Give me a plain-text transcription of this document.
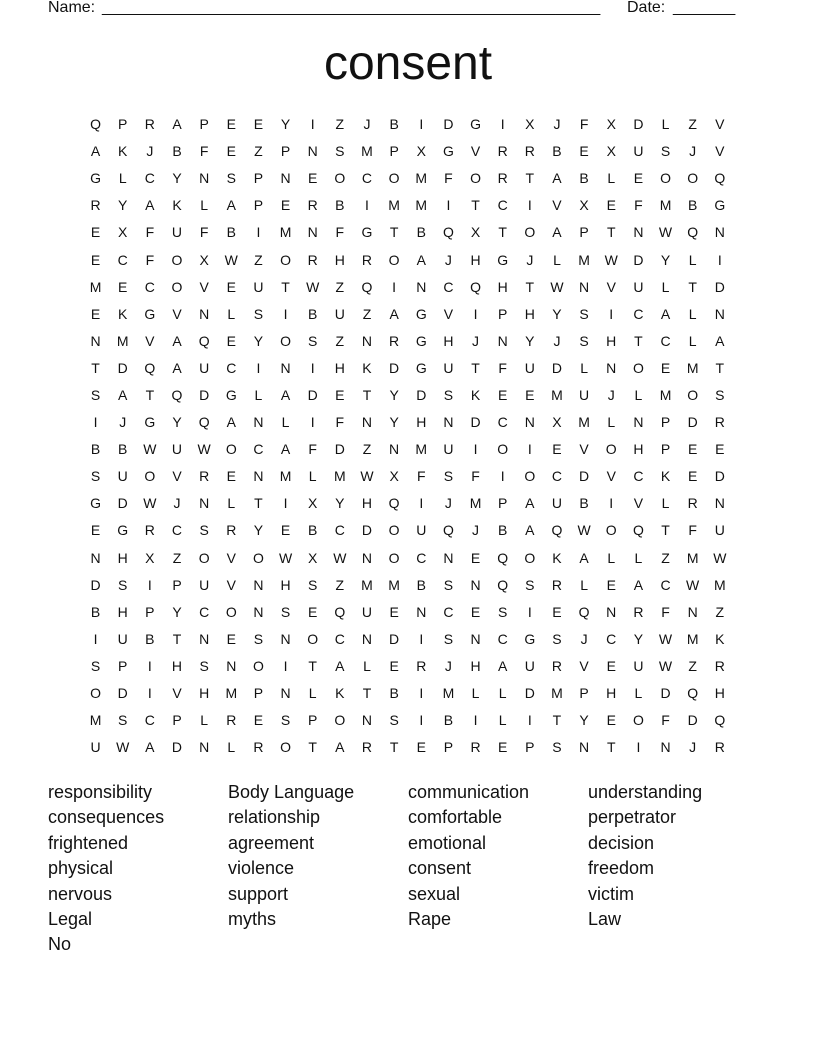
Name: ________________________________________________________	Date: _______
consent
Q	P	R	A	P	E	E	Y	I	Z	J	B	I	D	G	I	X	J	F	X	D	L	Z	V
A	K	J	B	F	E	Z	P	N	S	M	P	X	G	V	R	R	B	E	X	U	S	J	V
G	L	C	Y	N	S	P	N	E	O	C	O	M	F	O	R	T	A	B	L	E	O	O	Q
R	Y	A	K	L	A	P	E	R	B	I	M	M	I	T	C	I	V	X	E	F	M	B	G
E	X	F	U	F	B	I	M	N	F	G	T	B	Q	X	T	O	A	P	T	N	W	Q	N
E	C	F	O	X	W	Z	O	R	H	R	O	A	J	H	G	J	L	M	W	D	Y	L	I
M	E	C	O	V	E	U	T	W	Z	Q	I	N	C	Q	H	T	W	N	V	U	L	T	D
E	K	G	V	N	L	S	I	B	U	Z	A	G	V	I	P	H	Y	S	I	C	A	L	N
N	M	V	A	Q	E	Y	O	S	Z	N	R	G	H	J	N	Y	J	S	H	T	C	L	A
T	D	Q	A	U	C	I	N	I	H	K	D	G	U	T	F	U	D	L	N	O	E	M	T
S	A	T	Q	D	G	L	A	D	E	T	Y	D	S	K	E	E	M	U	J	L	M	O	S
I	J	G	Y	Q	A	N	L	I	F	N	Y	H	N	D	C	N	X	M	L	N	P	D	R
B	B	W	U	W	O	C	A	F	D	Z	N	M	U	I	O	I	E	V	O	H	P	E	E
S	U	O	V	R	E	N	M	L	M	W	X	F	S	F	I	O	C	D	V	C	K	E	D
G	D	W	J	N	L	T	I	X	Y	H	Q	I	J	M	P	A	U	B	I	V	L	R	N
E	G	R	C	S	R	Y	E	B	C	D	O	U	Q	J	B	A	Q	W	O	Q	T	F	U
N	H	X	Z	O	V	O	W	X	W	N	O	C	N	E	Q	O	K	A	L	L	Z	M	W
D	S	I	P	U	V	N	H	S	Z	M	M	B	S	N	Q	S	R	L	E	A	C	W	M
B	H	P	Y	C	O	N	S	E	Q	U	E	N	C	E	S	I	E	Q	N	R	F	N	Z
I	U	B	T	N	E	S	N	O	C	N	D	I	S	N	C	G	S	J	C	Y	W	M	K
S	P	I	H	S	N	O	I	T	A	L	E	R	J	H	A	U	R	V	E	U	W	Z	R
O	D	I	V	H	M	P	N	L	K	T	B	I	M	L	L	D	M	P	H	L	D	Q	H
M	S	C	P	L	R	E	S	P	O	N	S	I	B	I	L	I	T	Y	E	O	F	D	Q
U	W	A	D	N	L	R	O	T	A	R	T	E	P	R	E	P	S	N	T	I	N	J	R
responsibility	Body Language	communication	understanding
consequences	relationship	comfortable	perpetrator
frightened	agreement	emotional	decision
physical	violence	consent	freedom
nervous	support	sexual	victim
Legal	myths	Rape	Law
No
